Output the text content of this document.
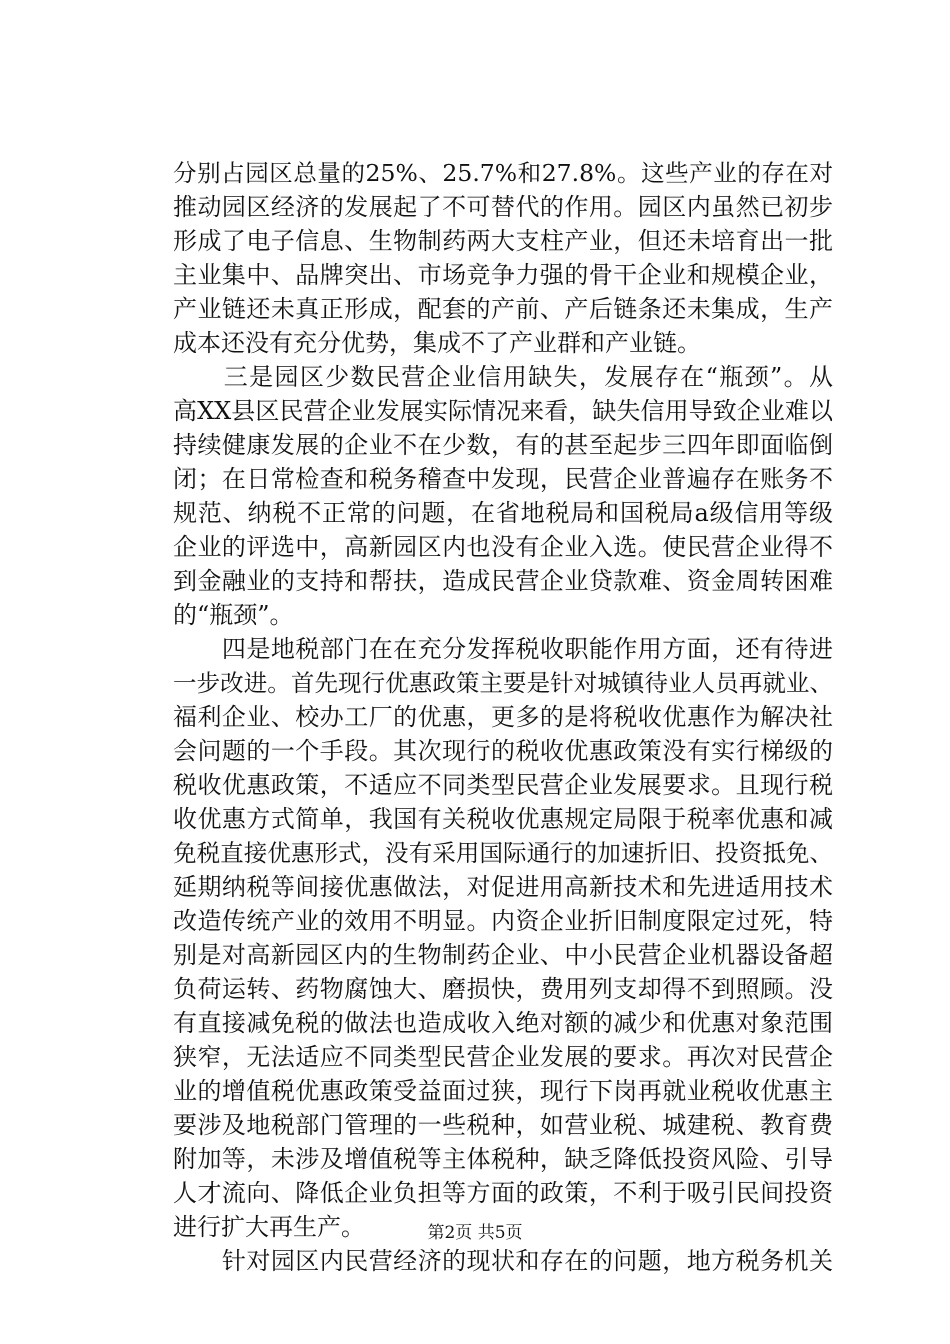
分别占园区总量的25%、25.7%和27.8%。这些产业的存在对
推动园区经济的发展起了不可替代的作用。园区内虽然已初步
形成了电子信息、生物制药两大支柱产业，但还未培育出一批
主业集中、品牌突出、市场竞争力强的骨干企业和规模企业，
产业链还未真正形成，配套的产前、产后链条还未集成，生产
成本还没有充分优势，集成不了产业群和产业链。
　　三是园区少数民营企业信用缺失，发展存在“瓶颈”。从
高XX县区民营企业发展实际情况来看，缺失信用导致企业难以
持续健康发展的企业不在少数，有的甚至起步三四年即面临倒
闭；在日常检查和税务稽查中发现，民营企业普遍存在账务不
规范、纳税不正常的问题，在省地税局和国税局a级信用等级
企业的评选中，高新园区内也没有企业入选。使民营企业得不
到金融业的支持和帮扶，造成民营企业贷款难、资金周转困难
的“瓶颈”。
　　四是地税部门在在充分发挥税收职能作用方面，还有待进
一步改进。首先现行优惠政策主要是针对城镇待业人员再就业、
福利企业、校办工厂的优惠，更多的是将税收优惠作为解决社
会问题的一个手段。其次现行的税收优惠政策没有实行梯级的
税收优惠政策，不适应不同类型民营企业发展要求。且现行税
收优惠方式简单，我国有关税收优惠规定局限于税率优惠和减
免税直接优惠形式，没有采用国际通行的加速折旧、投资抵免、
延期纳税等间接优惠做法，对促进用高新技术和先进适用技术
改造传统产业的效用不明显。内资企业折旧制度限定过死，特
别是对高新园区内的生物制药企业、中小民营企业机器设备超
负荷运转、药物腐蚀大、磨损快，费用列支却得不到照顾。没
有直接减免税的做法也造成收入绝对额的减少和优惠对象范围
狭窄，无法适应不同类型民营企业发展的要求。再次对民营企
业的增值税优惠政策受益面过狭，现行下岗再就业税收优惠主
要涉及地税部门管理的一些税种，如营业税、城建税、教育费
附加等，未涉及增值税等主体税种，缺乏降低投资风险、引导
人才流向、降低企业负担等方面的政策，不利于吸引民间投资
进行扩大再生产。
　　针对园区内民营经济的现状和存在的问题，地方税务机关
第2页 共5页
